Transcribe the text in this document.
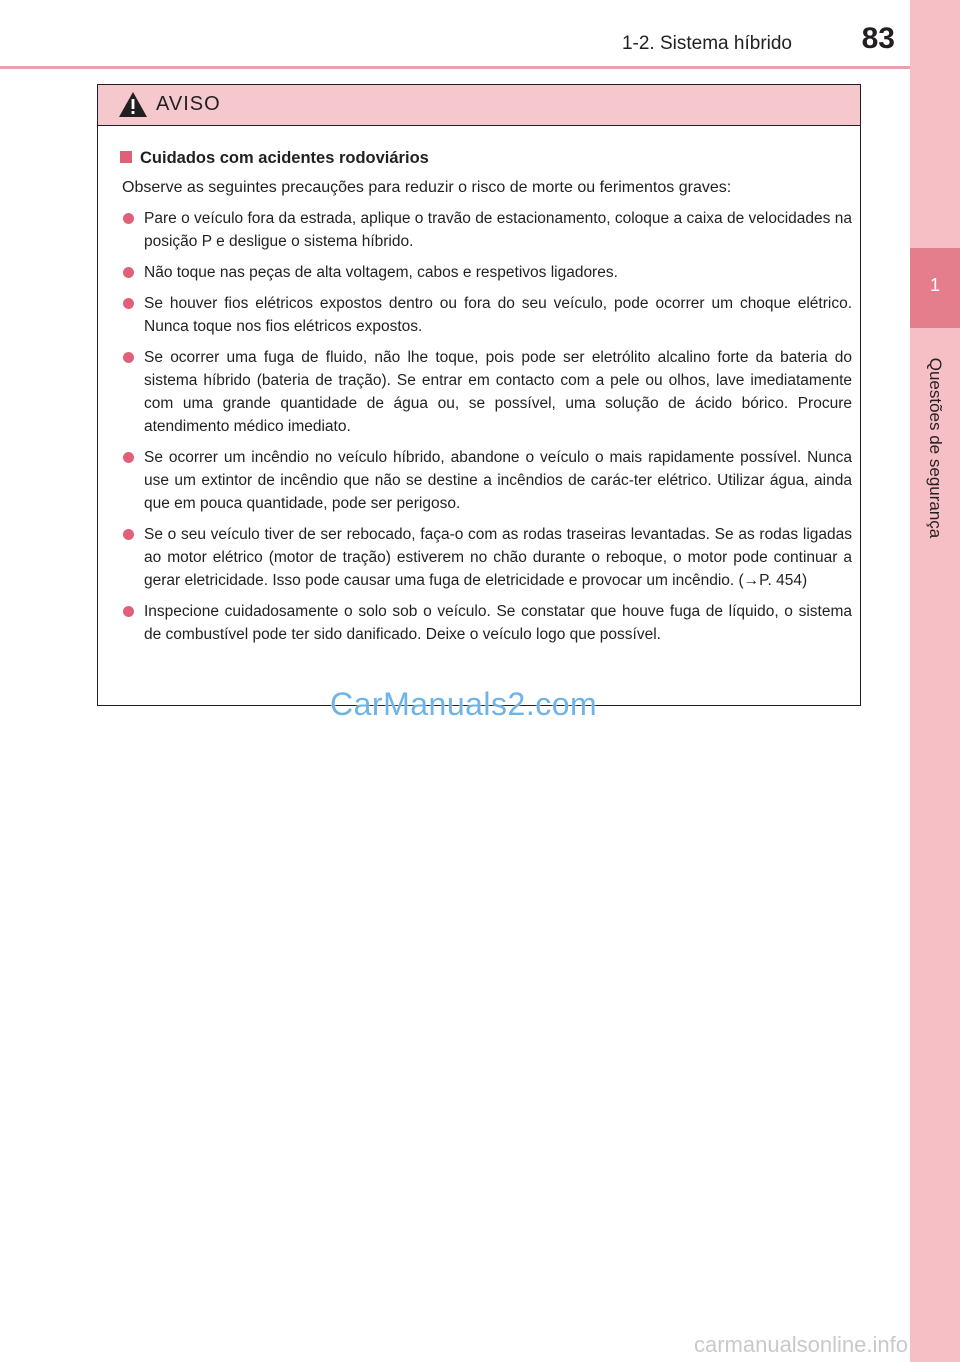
1
Questões de segurança
1-2. Sistema híbrido 83
AVISO
Cuidados com acidentes rodoviários

Observe as seguintes precauções para reduzir o risco de morte ou ferimentos graves:

Pare o veículo fora da estrada, aplique o travão de estacionamento, coloque a caixa de velocidades na posição P e desligue o sistema híbrido.
Não toque nas peças de alta voltagem, cabos e respetivos ligadores.
Se houver fios elétricos expostos dentro ou fora do seu veículo, pode ocorrer um choque elétrico. Nunca toque nos fios elétricos expostos.
Se ocorrer uma fuga de fluido, não lhe toque, pois pode ser eletrólito alcalino forte da bateria do sistema híbrido (bateria de tração). Se entrar em contacto com a pele ou olhos, lave imediatamente com uma grande quantidade de água ou, se possível, uma solução de ácido bórico. Procure atendimento médico imediato.
Se ocorrer um incêndio no veículo híbrido, abandone o veículo o mais rapidamente possível. Nunca use um extintor de incêndio que não se destine a incêndios de carác-ter elétrico. Utilizar água, ainda que em pouca quantidade, pode ser perigoso.
Se o seu veículo tiver de ser rebocado, faça-o com as rodas traseiras levantadas. Se as rodas ligadas ao motor elétrico (motor de tração) estiverem no chão durante o reboque, o motor pode continuar a gerar eletricidade. Isso pode causar uma fuga de eletricidade e provocar um incêndio. (→P. 454)
Inspecione cuidadosamente o solo sob o veículo. Se constatar que houve fuga de líquido, o sistema de combustível pode ter sido danificado. Deixe o veículo logo que possível.
CarManuals2.com
carmanualsonline.info
